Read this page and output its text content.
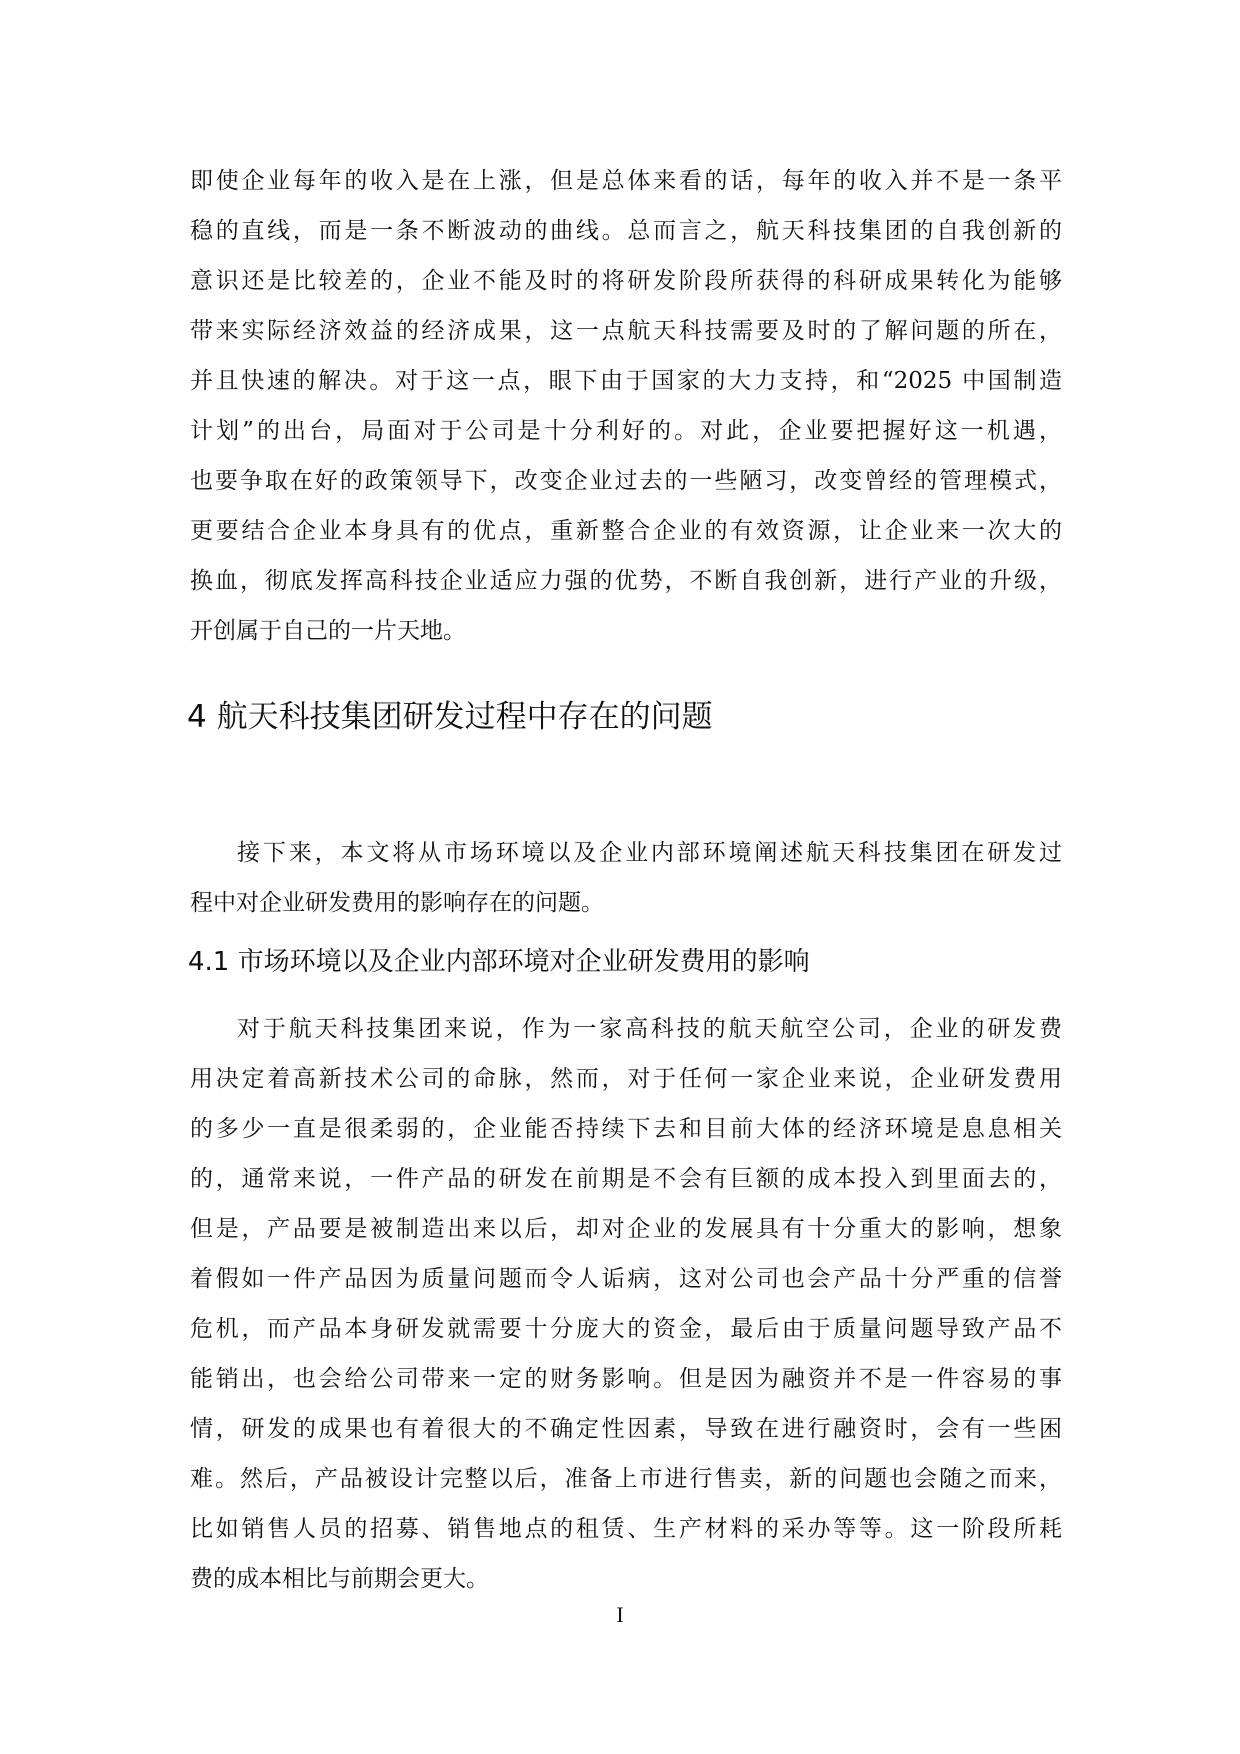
即使企业每年的收入是在上涨，但是总体来看的话，每年的收入并不是一条平
稳的直线，而是一条不断波动的曲线。总而言之，航天科技集团的自我创新的
意识还是比较差的，企业不能及时的将研发阶段所获得的科研成果转化为能够
带来实际经济效益的经济成果，这一点航天科技需要及时的了解问题的所在，
并且快速的解决。对于这一点，眼下由于国家的大力支持，和“2025 中国制造
计划”的出台，局面对于公司是十分利好的。对此，企业要把握好这一机遇，
也要争取在好的政策领导下，改变企业过去的一些陋习，改变曾经的管理模式，
更要结合企业本身具有的优点，重新整合企业的有效资源，让企业来一次大的
换血，彻底发挥高科技企业适应力强的优势，不断自我创新，进行产业的升级，
开创属于自己的一片天地。
4 航天科技集团研发过程中存在的问题
接下来，本文将从市场环境以及企业内部环境阐述航天科技集团在研发过
程中对企业研发费用的影响存在的问题。
4.1 市场环境以及企业内部环境对企业研发费用的影响
对于航天科技集团来说，作为一家高科技的航天航空公司，企业的研发费
用决定着高新技术公司的命脉，然而，对于任何一家企业来说，企业研发费用
的多少一直是很柔弱的，企业能否持续下去和目前大体的经济环境是息息相关
的，通常来说，一件产品的研发在前期是不会有巨额的成本投入到里面去的，
但是，产品要是被制造出来以后，却对企业的发展具有十分重大的影响，想象
着假如一件产品因为质量问题而令人诟病，这对公司也会产品十分严重的信誉
危机，而产品本身研发就需要十分庞大的资金，最后由于质量问题导致产品不
能销出，也会给公司带来一定的财务影响。但是因为融资并不是一件容易的事
情，研发的成果也有着很大的不确定性因素，导致在进行融资时，会有一些困
难。然后，产品被设计完整以后，准备上市进行售卖，新的问题也会随之而来，
比如销售人员的招募、销售地点的租赁、生产材料的采办等等。这一阶段所耗
费的成本相比与前期会更大。
I
